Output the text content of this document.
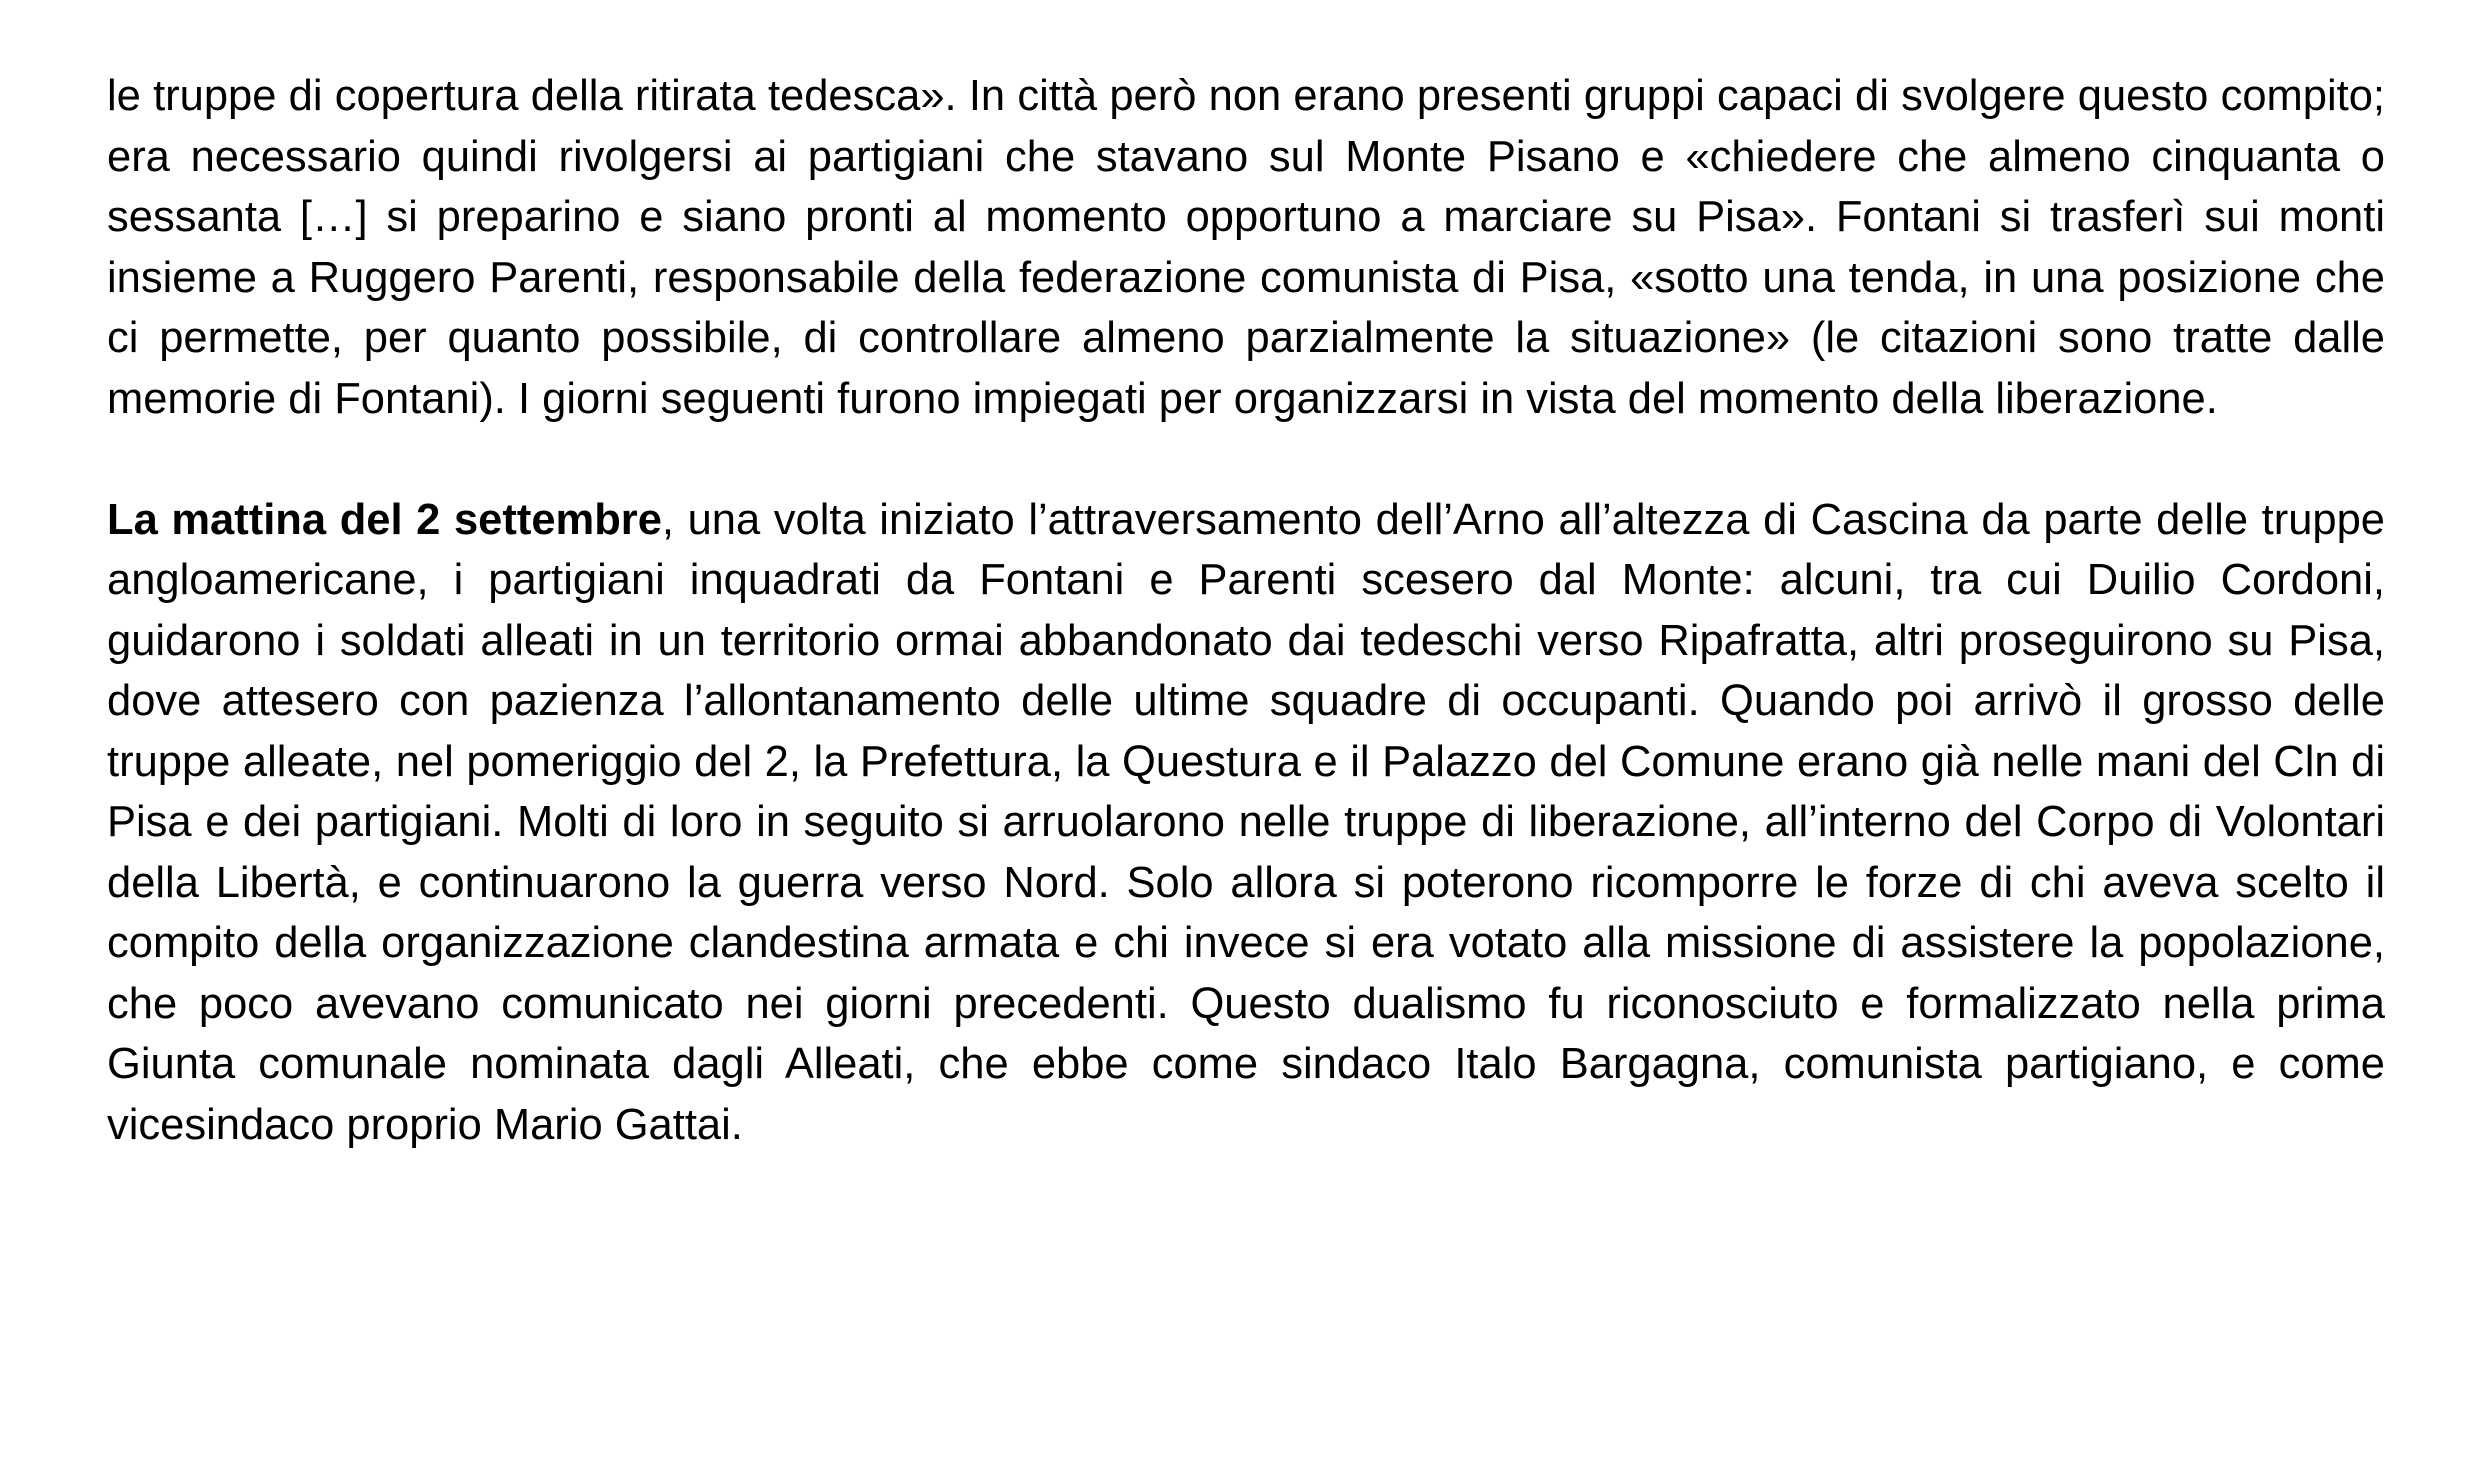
le truppe di copertura della ritirata tedesca». In città però non erano presenti gruppi capaci di svolgere questo compito; era necessario quindi rivolgersi ai partigiani che stavano sul Monte Pisano e «chiedere che almeno cinquanta o sessanta […] si preparino e siano pronti al momento opportuno a marciare su Pisa». Fontani si trasferì sui monti insieme a Ruggero Parenti, responsabile della federazione comunista di Pisa, «sotto una tenda, in una posizione che ci permette, per quanto possibile, di controllare almeno parzialmente la situazione» (le citazioni sono tratte dalle memorie di Fontani). I giorni seguenti furono impiegati per organizzarsi in vista del momento della liberazione.

La mattina del 2 settembre, una volta iniziato l’attraversamento dell’Arno all’altezza di Cascina da parte delle truppe angloamericane, i partigiani inquadrati da Fontani e Parenti scesero dal Monte: alcuni, tra cui Duilio Cordoni, guidarono i soldati alleati in un territorio ormai abbandonato dai tedeschi verso Ripafratta, altri proseguirono su Pisa, dove attesero con pazienza l’allontanamento delle ultime squadre di occupanti. Quando poi arrivò il grosso delle truppe alleate, nel pomeriggio del 2, la Prefettura, la Questura e il Palazzo del Comune erano già nelle mani del Cln di Pisa e dei partigiani. Molti di loro in seguito si arruolarono nelle truppe di liberazione, all’interno del Corpo di Volontari della Libertà, e continuarono la guerra verso Nord. Solo allora si poterono ricomporre le forze di chi aveva scelto il compito della organizzazione clandestina armata e chi invece si era votato alla missione di assistere la popolazione, che poco avevano comunicato nei giorni precedenti. Questo dualismo fu riconosciuto e formalizzato nella prima Giunta comunale nominata dagli Alleati, che ebbe come sindaco Italo Bargagna, comunista partigiano, e come vicesindaco proprio Mario Gattai.
